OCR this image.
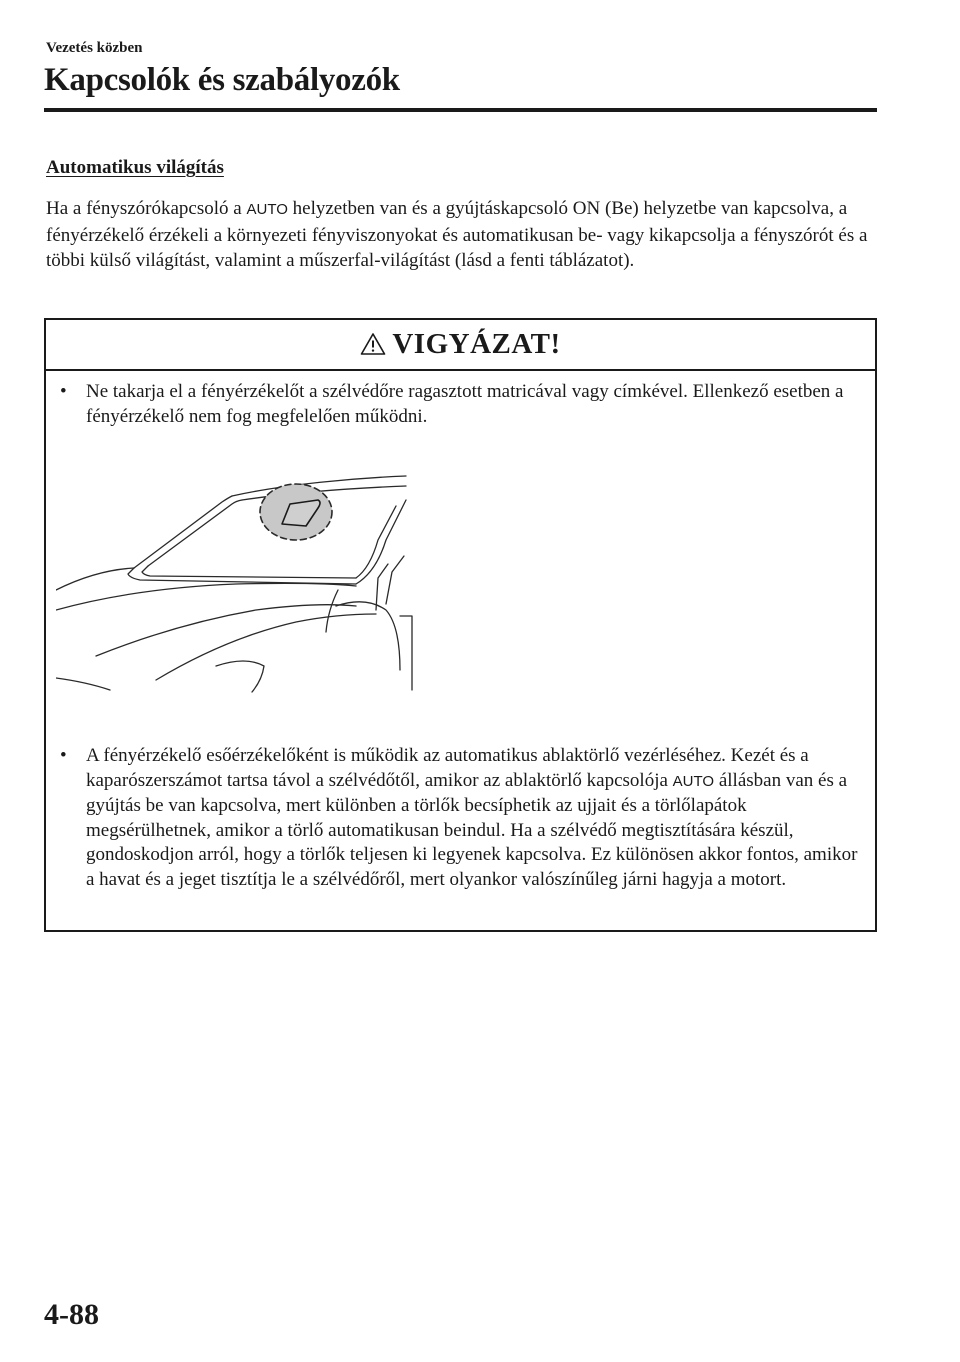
Vezetés közben
Kapcsolók és szabályozók
Automatikus világítás

Ha a fényszórókapcsoló a AUTO helyzetben van és a gyújtáskapcsoló ON (Be) helyzetbe van kapcsolva, a fényérzékelő érzékeli a környezeti fényviszonyokat és automatikusan be- vagy kikapcsolja a fényszórót és a többi külső világítást, valamint a műszerfal-világítást (lásd a fenti táblázatot).

VIGYÁZAT!
• Ne takarja el a fényérzékelőt a szélvédőre ragasztott matricával vagy címkével. Ellenkező esetben a fényérzékelő nem fog megfelelően működni.
• A fényérzékelő esőérzékelőként is működik az automatikus ablaktörlő vezérléséhez. Kezét és a kaparószerszámot tartsa távol a szélvédőtől, amikor az ablaktörlő kapcsolója AUTO állásban van és a gyújtás be van kapcsolva, mert különben a törlők becsíphetik az ujjait és a törlőlapátok megsérülhetnek, amikor a törlő automatikusan beindul. Ha a szélvédő megtisztítására készül, gondoskodjon arról, hogy a törlők teljesen ki legyenek kapcsolva. Ez különösen akkor fontos, amikor a havat és a jeget tisztítja le a szélvédőről, mert olyankor valószínűleg járni hagyja a motort.
4-88
